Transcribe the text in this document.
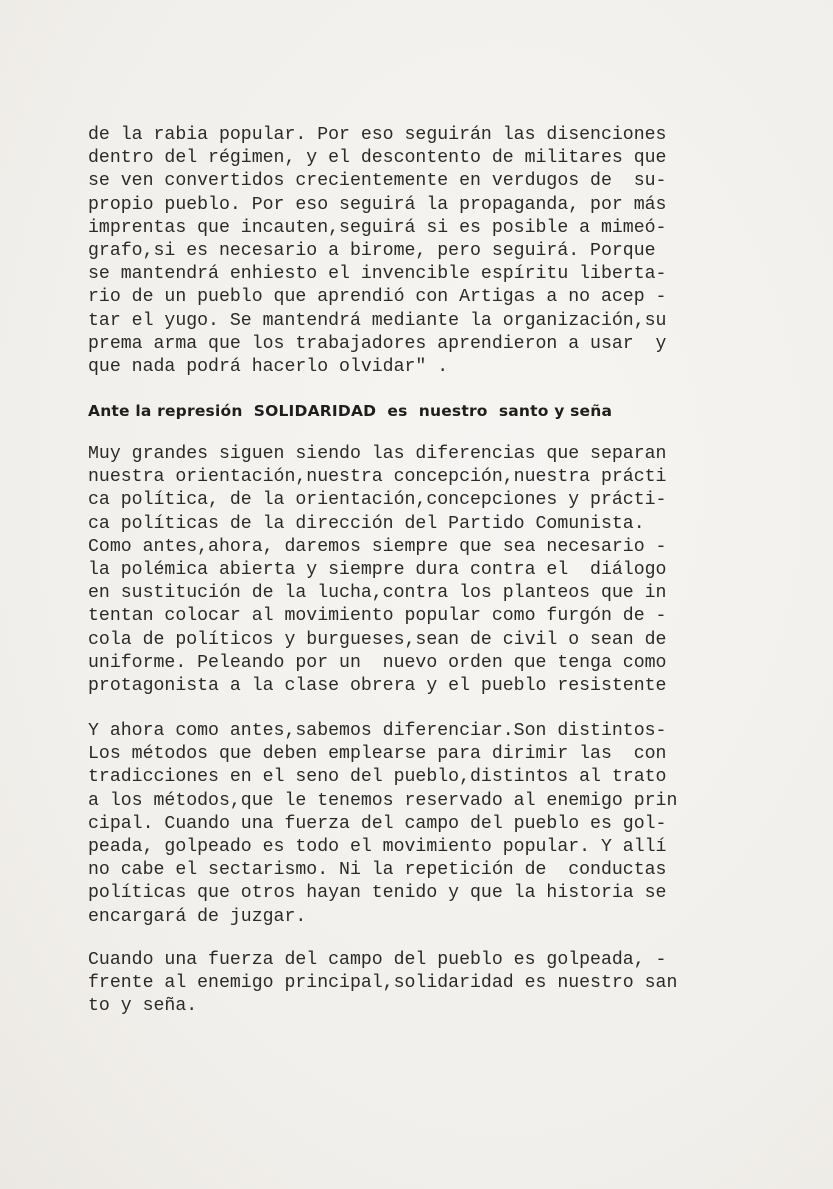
de la rabia popular. Por eso seguirán las disenciones
dentro del régimen, y el descontento de militares que
se ven convertidos crecientemente en verdugos de  su-
propio pueblo. Por eso seguirá la propaganda, por más
imprentas que incauten,seguirá si es posible a mimeó-
grafo,si es necesario a birome, pero seguirá. Porque
se mantendrá enhiesto el invencible espíritu liberta-
rio de un pueblo que aprendió con Artigas a no acep -
tar el yugo. Se mantendrá mediante la organización,su
prema arma que los trabajadores aprendieron a usar  y
que nada podrá hacerlo olvidar" .
Ante la represión  SOLIDARIDAD  es  nuestro  santo y seña
Muy grandes siguen siendo las diferencias que separan
nuestra orientación,nuestra concepción,nuestra prácti
ca política, de la orientación,concepciones y prácti-
ca políticas de la dirección del Partido Comunista.
Como antes,ahora, daremos siempre que sea necesario -
la polémica abierta y siempre dura contra el  diálogo
en sustitución de la lucha,contra los planteos que in
tentan colocar al movimiento popular como furgón de -
cola de políticos y burgueses,sean de civil o sean de
uniforme. Peleando por un  nuevo orden que tenga como
protagonista a la clase obrera y el pueblo resistente
Y ahora como antes,sabemos diferenciar.Son distintos-
Los métodos que deben emplearse para dirimir las  con
tradicciones en el seno del pueblo,distintos al trato
a los métodos,que le tenemos reservado al enemigo prin
cipal. Cuando una fuerza del campo del pueblo es gol-
peada, golpeado es todo el movimiento popular. Y allí
no cabe el sectarismo. Ni la repetición de  conductas
políticas que otros hayan tenido y que la historia se
encargará de juzgar.
Cuando una fuerza del campo del pueblo es golpeada, -
frente al enemigo principal,solidaridad es nuestro san
to y seña.
